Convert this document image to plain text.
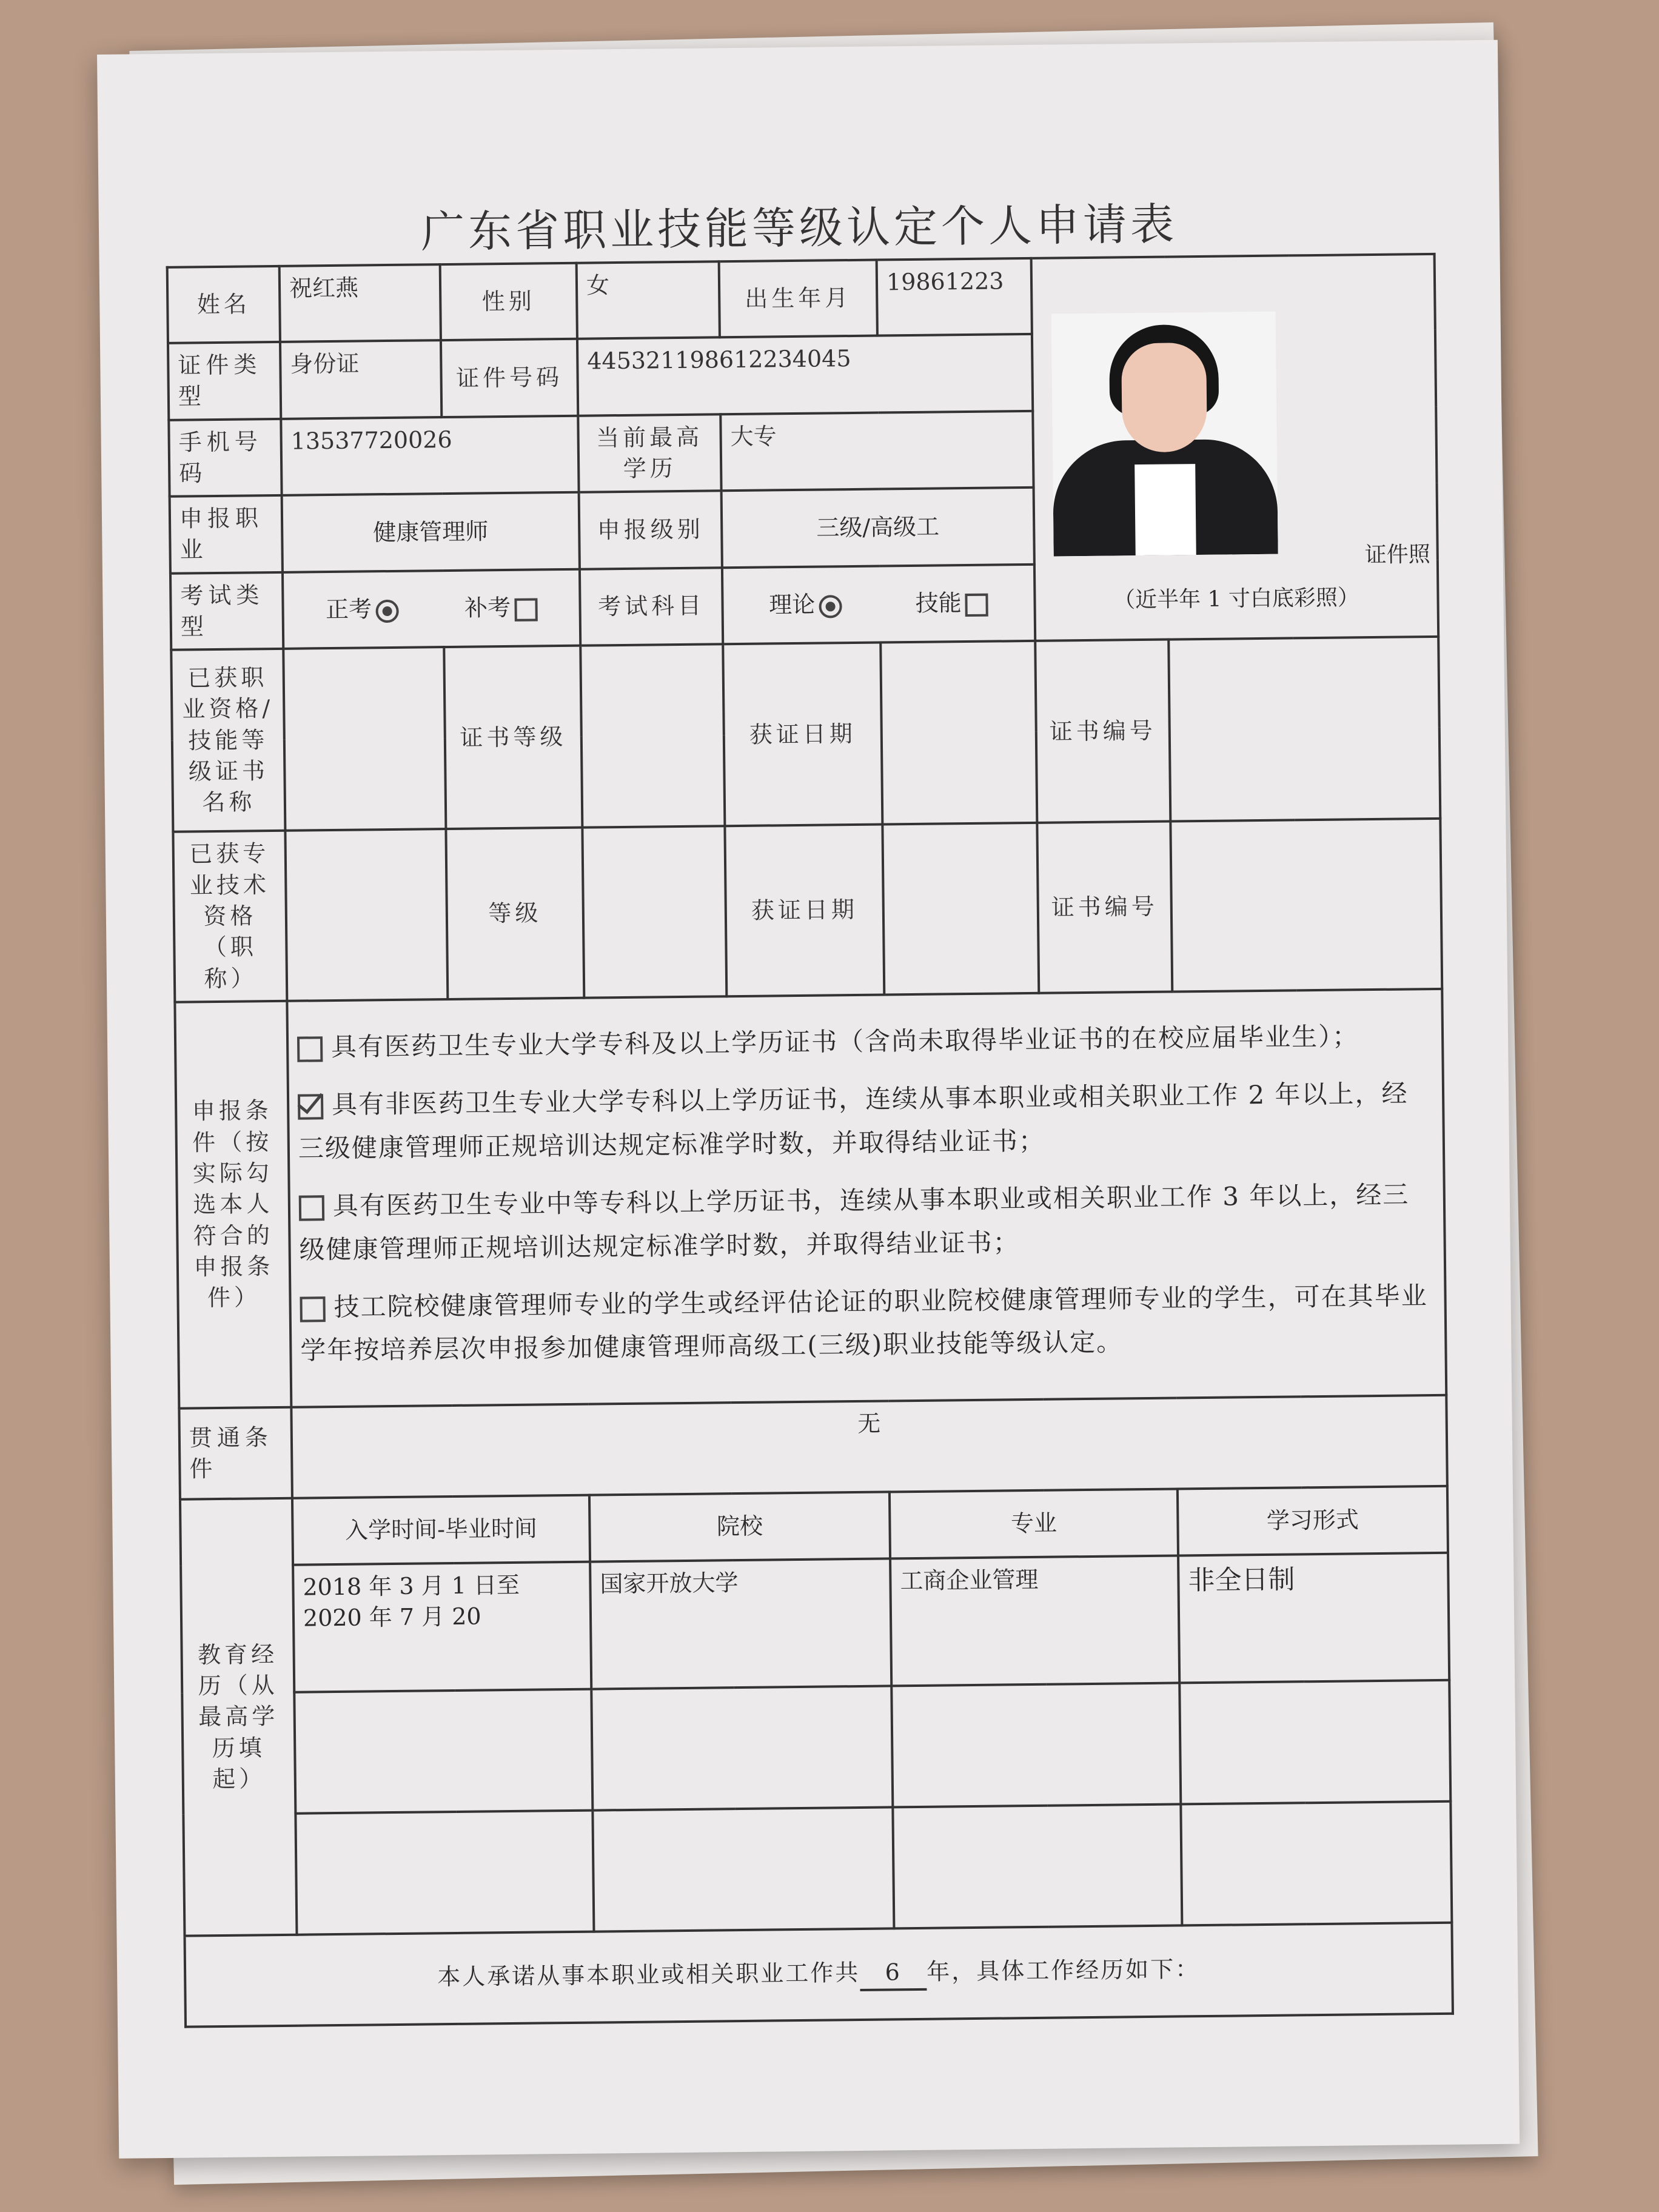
广东省职业技能等级认定个人申请表
姓名	祝红燕	性别	女	出生年月	19861223	证件照
（近半年 1 寸白底彩照）	

证件类型	身份证	证件号码	445321198612234045				
手机号码	13537720026		当前最高学历	大专			
申报职业	健康管理师		申报级别	三级/高级工			
考试类型	正考 补考		考试科目	理论 技能			

已获职业资格/技能等级证书名称		证书等级		获证日期		证书编号	

已获专业技术资格（职称）		等级		获证日期		证书编号	
申报条件（按实际勾选本人符合的申报条件）	具有医药卫生专业大学专科及以上学历证书（含尚未取得毕业证书的在校应届毕业生）；

具有非医药卫生专业大学专科以上学历证书，连续从事本职业或相关职业工作 2 年以上，经三级健康管理师正规培训达规定标准学时数，并取得结业证书；

具有医药卫生专业中等专科以上学历证书，连续从事本职业或相关职业工作 3 年以上，经三级健康管理师正规培训达规定标准学时数，并取得结业证书；

技工院校健康管理师专业的学生或经评估论证的职业院校健康管理师专业的学生，可在其毕业学年按培养层次申报参加健康管理师高级工(三级)职业技能等级认定。						

贯通条件	无						
教育经历（从最高学历填起）	入学时间-毕业时间		院校		专业		学习形式
	2018 年 3 月 1 日至 2020 年 7 月 20		国家开放大学		工商企业管理		非全日制

本人承诺从事本职业或相关职业工作共 6 年，具体工作经历如下：							
